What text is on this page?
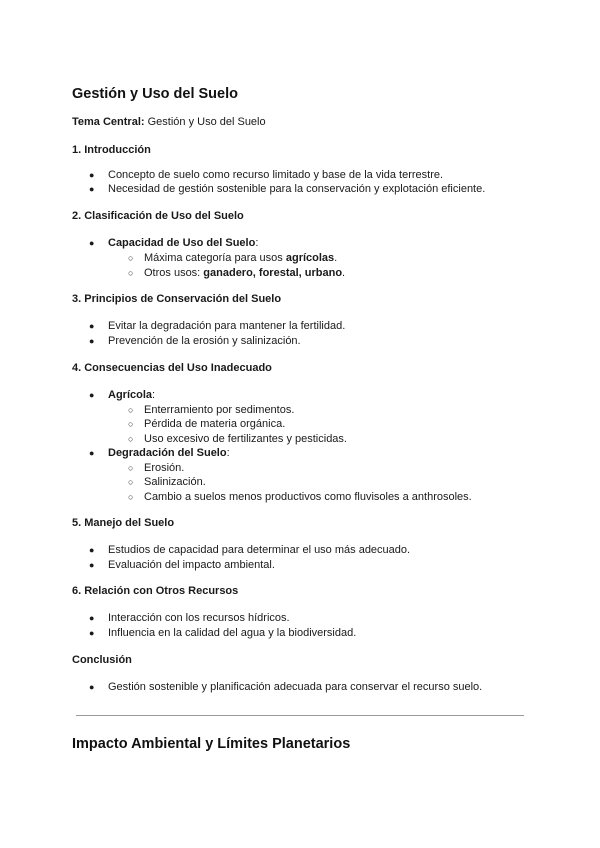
Gestión y Uso del Suelo
Tema Central: Gestión y Uso del Suelo
1. Introducción
● Concepto de suelo como recurso limitado y base de la vida terrestre.
● Necesidad de gestión sostenible para la conservación y explotación eficiente.
2. Clasificación de Uso del Suelo
● Capacidad de Uso del Suelo:
○ Máxima categoría para usos agrícolas.
○ Otros usos: ganadero, forestal, urbano.
3. Principios de Conservación del Suelo
● Evitar la degradación para mantener la fertilidad.
● Prevención de la erosión y salinización.
4. Consecuencias del Uso Inadecuado
● Agrícola:
○ Enterramiento por sedimentos.
○ Pérdida de materia orgánica.
○ Uso excesivo de fertilizantes y pesticidas.
● Degradación del Suelo:
○ Erosión.
○ Salinización.
○ Cambio a suelos menos productivos como fluvisoles a anthrosoles.
5. Manejo del Suelo
● Estudios de capacidad para determinar el uso más adecuado.
● Evaluación del impacto ambiental.
6. Relación con Otros Recursos
● Interacción con los recursos hídricos.
● Influencia en la calidad del agua y la biodiversidad.
Conclusión
● Gestión sostenible y planificación adecuada para conservar el recurso suelo.
Impacto Ambiental y Límites Planetarios
